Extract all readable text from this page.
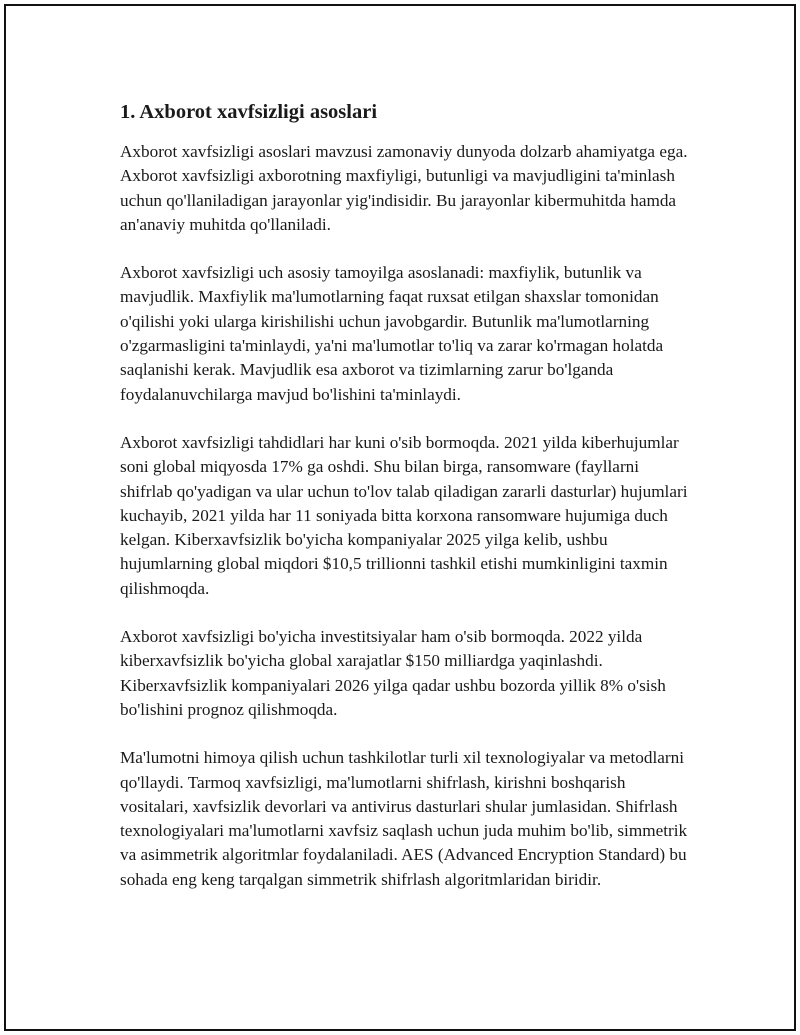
1. Axborot xavfsizligi asoslari

Axborot xavfsizligi asoslari mavzusi zamonaviy dunyoda dolzarb ahamiyatga ega. Axborot xavfsizligi axborotning maxfiyligi, butunligi va mavjudligini ta'minlash uchun qo'llaniladigan jarayonlar yig'indisidir. Bu jarayonlar kibermuhitda hamda an'anaviy muhitda qo'llaniladi.

Axborot xavfsizligi uch asosiy tamoyilga asoslanadi: maxfiylik, butunlik va mavjudlik. Maxfiylik ma'lumotlarning faqat ruxsat etilgan shaxslar tomonidan o'qilishi yoki ularga kirishilishi uchun javobgardir. Butunlik ma'lumotlarning o'zgarmasligini ta'minlaydi, ya'ni ma'lumotlar to'liq va zarar ko'rmagan holatda saqlanishi kerak. Mavjudlik esa axborot va tizimlarning zarur bo'lganda foydalanuvchilarga mavjud bo'lishini ta'minlaydi.

Axborot xavfsizligi tahdidlari har kuni o'sib bormoqda. 2021 yilda kiberhujumlar soni global miqyosda 17% ga oshdi. Shu bilan birga, ransomware (fayllarni shifrlab qo'yadigan va ular uchun to'lov talab qiladigan zararli dasturlar) hujumlari kuchayib, 2021 yilda har 11 soniyada bitta korxona ransomware hujumiga duch kelgan. Kiberxavfsizlik bo'yicha kompaniyalar 2025 yilga kelib, ushbu hujumlarning global miqdori $10,5 trillionni tashkil etishi mumkinligini taxmin qilishmoqda.

Axborot xavfsizligi bo'yicha investitsiyalar ham o'sib bormoqda. 2022 yilda kiberxavfsizlik bo'yicha global xarajatlar $150 milliardga yaqinlashdi. Kiberxavfsizlik kompaniyalari 2026 yilga qadar ushbu bozorda yillik 8% o'sish bo'lishini prognoz qilishmoqda.

Ma'lumotni himoya qilish uchun tashkilotlar turli xil texnologiyalar va metodlarni qo'llaydi. Tarmoq xavfsizligi, ma'lumotlarni shifrlash, kirishni boshqarish vositalari, xavfsizlik devorlari va antivirus dasturlari shular jumlasidan. Shifrlash texnologiyalari ma'lumotlarni xavfsiz saqlash uchun juda muhim bo'lib, simmetrik va asimmetrik algoritmlar foydalaniladi. AES (Advanced Encryption Standard) bu sohada eng keng tarqalgan simmetrik shifrlash algoritmlaridan biridir.
